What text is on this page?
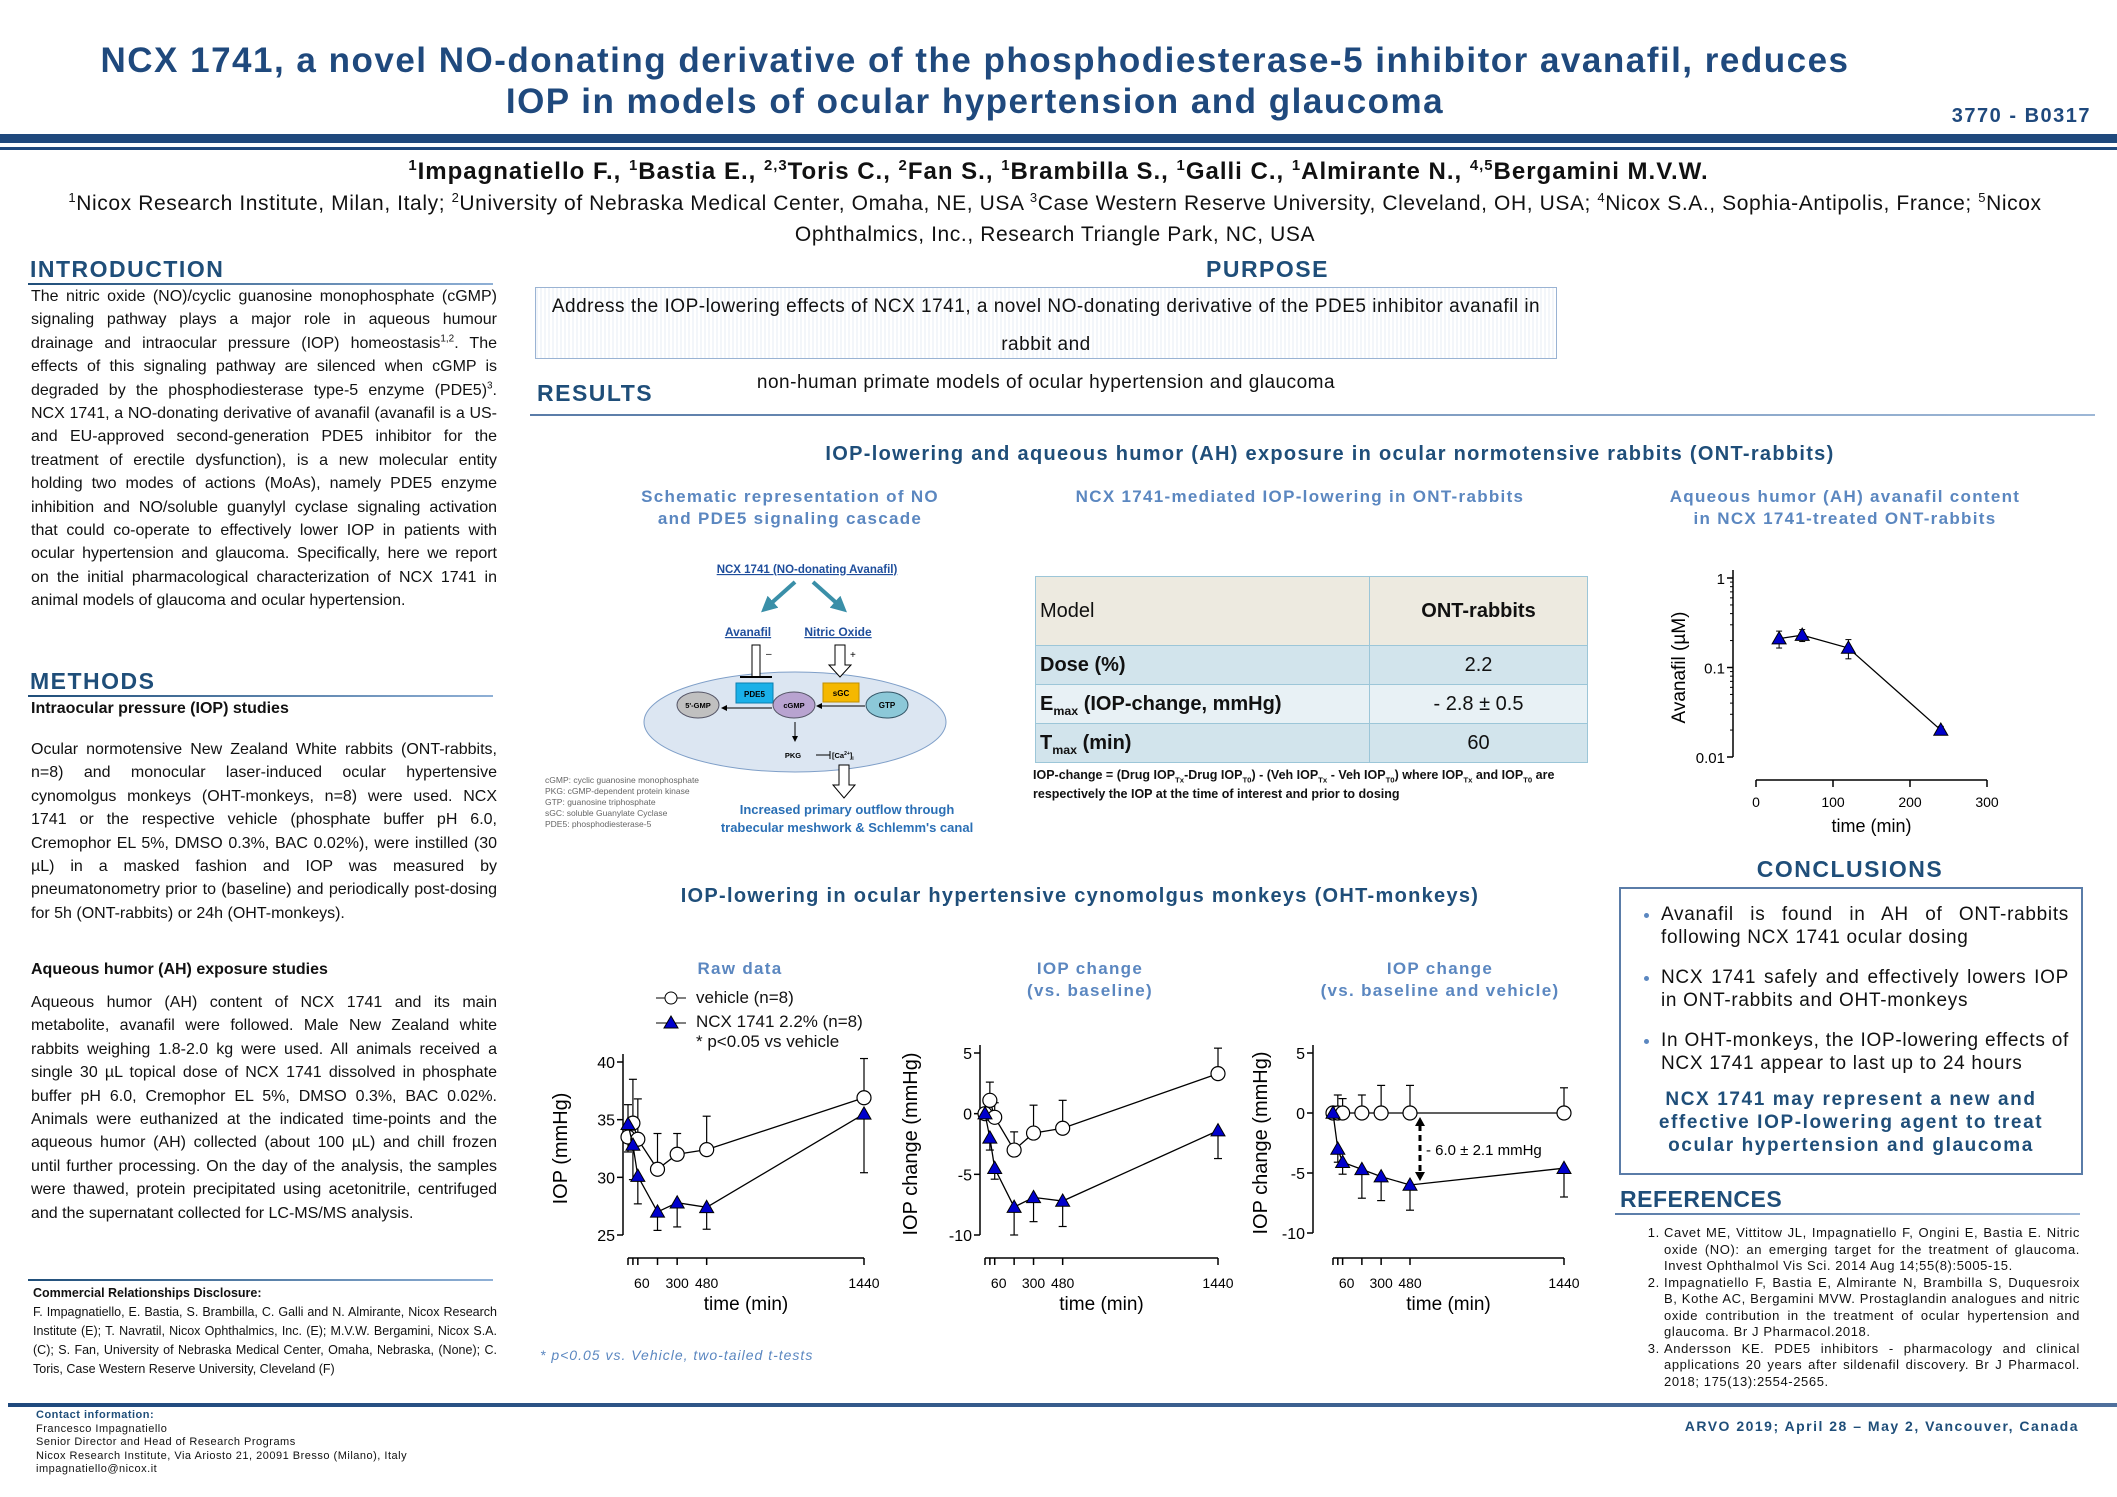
NCX 1741, a novel NO-donating derivative of the phosphodiesterase-5 inhibitor avanafil, reduces
IOP in models of ocular hypertension and glaucoma	3770 - B0317
$^1$Impagnatiello F., $^1$Bastia E., $^{2,3}$Toris C., $^2$Fan S., $^1$Brambilla S., $^1$Galli C., $^1$Almirante N., $^{4,5}$Bergamini M.V.W.
$^1$Nicox Research Institute, Milan, Italy; $^2$University of Nebraska Medical Center, Omaha, NE, USA $^3$Case Western Reserve University, Cleveland, OH, USA; $^4$Nicox S.A., Sophia-Antipolis, France; $^5$Nicox Ophthalmics, Inc., Research Triangle Park, NC, USA
INTRODUCTION
The nitric oxide (NO)/cyclic guanosine monophosphate (cGMP) signaling pathway plays a major role in aqueous humour drainage and intraocular pressure (IOP) homeostasis$^{1,2}$. The effects of this signaling pathway are silenced when cGMP is degraded by the phosphodiesterase type-5 enzyme $(PDE5)^3$. NCX 1741, a NO-donating derivative of avanafil (avanafil is a US- and EU-approved second-generation PDE5 inhibitor for the treatment of erectile dysfunction), is a new molecular entity holding two modes of actions (MoAs), namely PDE5 enzyme inhibition and NO/soluble guanylyl cyclase signaling activation that could co-operate to effectively lower IOP in patients with ocular hypertension and glaucoma. Specifically, here we report on the initial pharmacological characterization of NCX 1741 in animal models of glaucoma and ocular hypertension.
METHODS
Intraocular pressure (IOP) studies
Ocular normotensive New Zealand White rabbits (ONT-rabbits, n=8) and monocular laser-induced ocular hypertensive cynomolgus monkeys (OHT-monkeys, n=8) were used. NCX 1741 or the respective vehicle (phosphate buffer pH 6.0, Cremophor EL 5%, DMSO 0.3%, BAC 0.02%), were instilled (30 µL) in a masked fashion and IOP was measured by pneumatonometry prior to (baseline) and periodically post-dosing for 5h (ONT-rabbits) or 24h (OHT-monkeys).
Aqueous humor (AH) exposure studies
Aqueous humor (AH) content of NCX 1741 and its main metabolite, avanafil were followed. Male New Zealand white rabbits weighing 1.8-2.0 kg were used. All animals received a single 30 µL topical dose of NCX 1741 dissolved in phosphate buffer pH 6.0, Cremophor EL 5%, DMSO 0.3%, BAC 0.02%. Animals were euthanized at the indicated time-points and the aqueous humor (AH) collected (about 100 µL) and chill frozen until further processing. On the day of the analysis, the samples were thawed, protein precipitated using acetonitrile, centrifuged and the supernatant collected for LC-MS/MS analysis.
Commercial Relationships Disclosure:
F. Impagnatiello, E. Bastia, S. Brambilla, C. Galli and N. Almirante, Nicox Research Institute (E); T. Navratil, Nicox Ophthalmics, Inc. (E); M.V.W. Bergamini, Nicox S.A. (C); S. Fan, University of Nebraska Medical Center, Omaha, Nebraska, (None); C. Toris, Case Western Reserve University, Cleveland (F)
Contact information:
Francesco Impagnatiello
Senior Director and Head of Research Programs
Nicox Research Institute, Via Ariosto 21, 20091 Bresso (Milano), Italy
impagnatiello@nicox.it
PURPOSE
Address the IOP-lowering effects of NCX 1741, a novel NO-donating derivative of the PDE5 inhibitor avanafil in rabbit and
non-human primate models of ocular hypertension and glaucoma
RESULTS
IOP-lowering and aqueous humor (AH) exposure in ocular normotensive rabbits (ONT-rabbits)
Schematic representation of NO
and PDE5 signaling cascade
NCX 1741-mediated IOP-lowering in ONT-rabbits	Aqueous humor (AH) avanafil content
in NCX 1741-treated ONT-rabbits
NCX 1741 (NO-donating Avanafil)
Avanafil	Nitric Oxide
–	+
PDE5	sGC
5'-GMP	cGMP	GTP
PKG	$[Ca^{2+}]_i$
Increased primary outflow through
trabecular meshwork & Schlemm's canal
cGMP: cyclic guanosine monophosphate
PKG: cGMP-dependent protein kinase
GTP: guanosine triphosphate
sGC: soluble Guanylate Cyclase
PDE5: phosphodiesterase-5
Model	ONT-rabbits
Dose (%)	2.2
$E_{max}$ (IOP-change, mmHg)	- 2.8 ± 0.5
$T_{max}$ (min)	60
IOP-change = (Drug $IOP_{Tx}$-Drug $IOP_{T0}) - (Veh$ $IOP_{Tx}$ - Veh $IOP_{T0}$) where $IOP_{Tx}$ and $IOP_{T0}$ are respectively the IOP at the time of interest and prior to dosing
0.01
0.1
1
0	100	200	300
time (min)
Avanafil (µM)
IOP-lowering in ocular hypertensive cynomolgus monkeys (OHT-monkeys)
Raw data	IOP change
(vs. baseline)
IOP change
(vs. baseline and vehicle)
vehicle (n=8)
NCX 1741 2.2% (n=8)
* p<0.05 vs vehicle
25
30
35
40
60 300 480	1440
time (min)
IOP (mmHg)
-10
-5
0
5
60 300 480	1440
time (min)
IOP change (mmHg)	-10
-5
0
5
60 300 480	1440
time (min)
IOP change (mmHg)	- 6.0 ± 2.1 mmHg
* p<0.05 vs. Vehicle, two-tailed t-tests
CONCLUSIONS
• Avanafil is found in AH of ONT-rabbits following NCX 1741 ocular dosing
• NCX 1741 safely and effectively lowers IOP in ONT-rabbits and OHT-monkeys
• In OHT-monkeys, the IOP-lowering effects of NCX 1741 appear to last up to 24 hours
NCX 1741 may represent a new and effective IOP-lowering agent to treat ocular hypertension and glaucoma
REFERENCES
1. Cavet ME, Vittitow JL, Impagnatiello F, Ongini E, Bastia E. Nitric oxide (NO): an emerging target for the treatment of glaucoma. Invest Ophthalmol Vis Sci. 2014 Aug 14;55(8):5005-15.
2. Impagnatiello F, Bastia E, Almirante N, Brambilla S, Duquesroix B, Kothe AC, Bergamini MVW. Prostaglandin analogues and nitric oxide contribution in the treatment of ocular hypertension and glaucoma. Br J Pharmacol.2018.
3. Andersson KE. PDE5 inhibitors - pharmacology and clinical applications 20 years after sildenafil discovery. Br J Pharmacol. 2018; 175(13):2554-2565.
ARVO 2019; April 28 – May 2, Vancouver, Canada
